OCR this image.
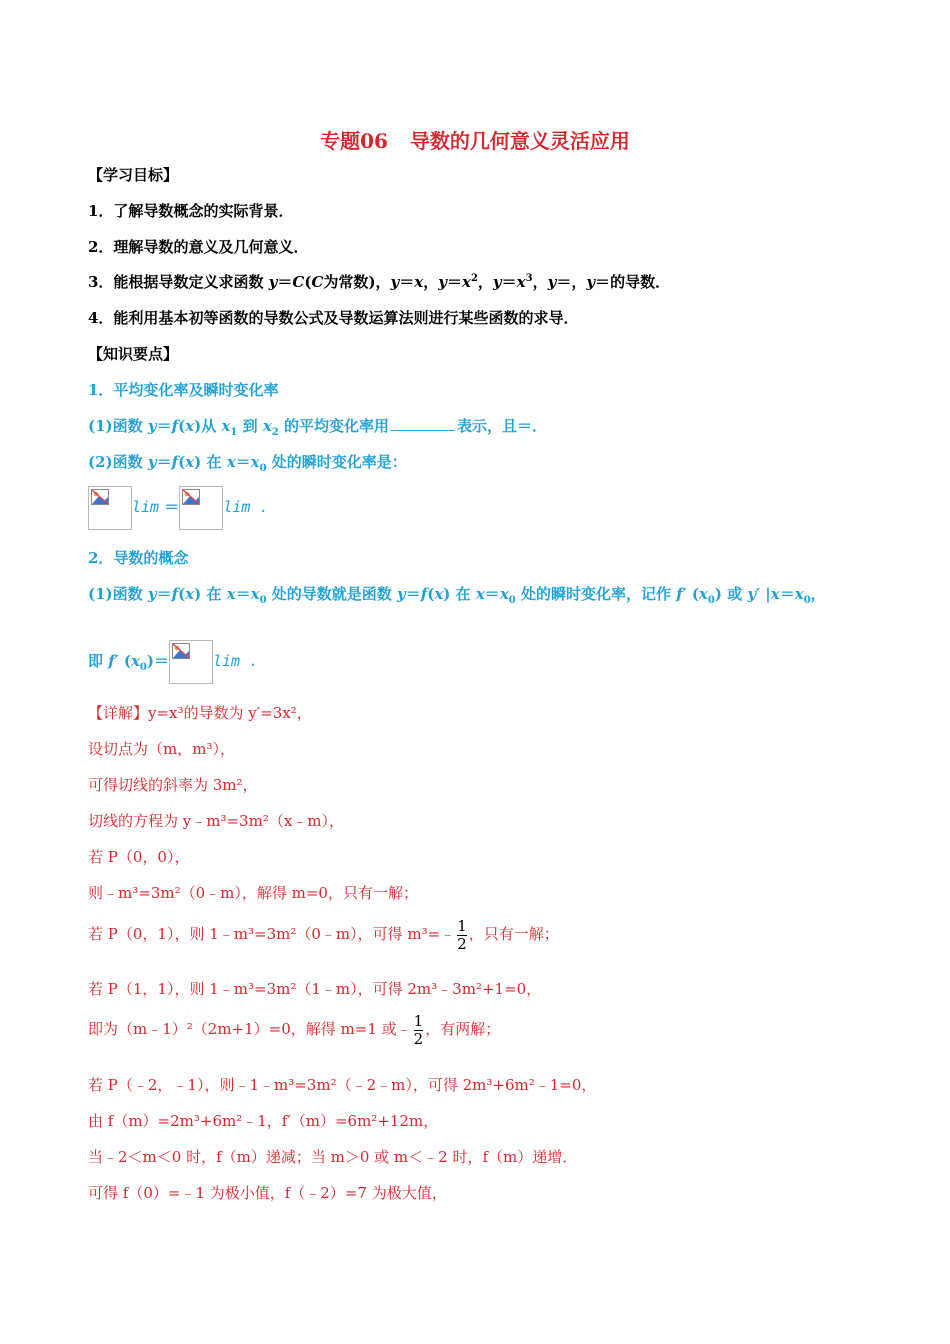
专题06 导数的几何意义灵活应用
【学习目标】
1．了解导数概念的实际背景．
2．理解导数的意义及几何意义．
3．能根据导数定义求函数 y＝C(C为常数)，y＝x，$y=x^2$，$y=x^3$，y＝，y＝的导数．
4．能利用基本初等函数的导数公式及导数运算法则进行某些函数的求导．
【知识要点】
1．平均变化率及瞬时变化率
(1)函数 y＝f(x)从 $x_1$ 到 $x_2$ 的平均变化率用	表示，且＝．
(2)函数 y＝f(x) 在 $x=x_0$ 处的瞬时变化率是：
lim ＝	lim .
2．导数的概念
(1)函数 y＝f(x) 在 $x=x_0$ 处的导数就是函数 y＝f(x) 在 $x=x_0$ 处的瞬时变化率，记作 f′ $(x_0)$ 或 y′ $|x=x_0$，
即 f′ $(x_0)=$	lim .
【详解】y=x³的导数为 y′=3x²，
设切点为（m，m³），
可得切线的斜率为 3m²，
切线的方程为 y﹣m³=3m²（x﹣m），
若 P（0，0），
则﹣m³=3m²（0﹣m），解得 m=0，只有一解；
若 P（0，1），则 1﹣m³=3m²（0﹣m），可得 m³=﹣ $\frac{1}{2}$ ，只有一解；
若 P（1，1），则 1﹣m³=3m²（1﹣m），可得 2m³﹣3m²+1=0，
即为（m﹣1）²（2m+1）=0，解得 m=1 或﹣ $\frac{1}{2}$ ，有两解；
若 P（﹣2，﹣1），则﹣1﹣m³=3m²（﹣2﹣m），可得 2m³+6m²﹣1=0，
由 f（m）=2m³+6m²﹣1，f′（m）=6m²+12m，
当﹣2＜m＜0 时，f（m）递减；当 m＞0 或 m＜﹣2 时，f（m）递增．
可得 f（0）=﹣1 为极小值，f（﹣2）=7 为极大值，
